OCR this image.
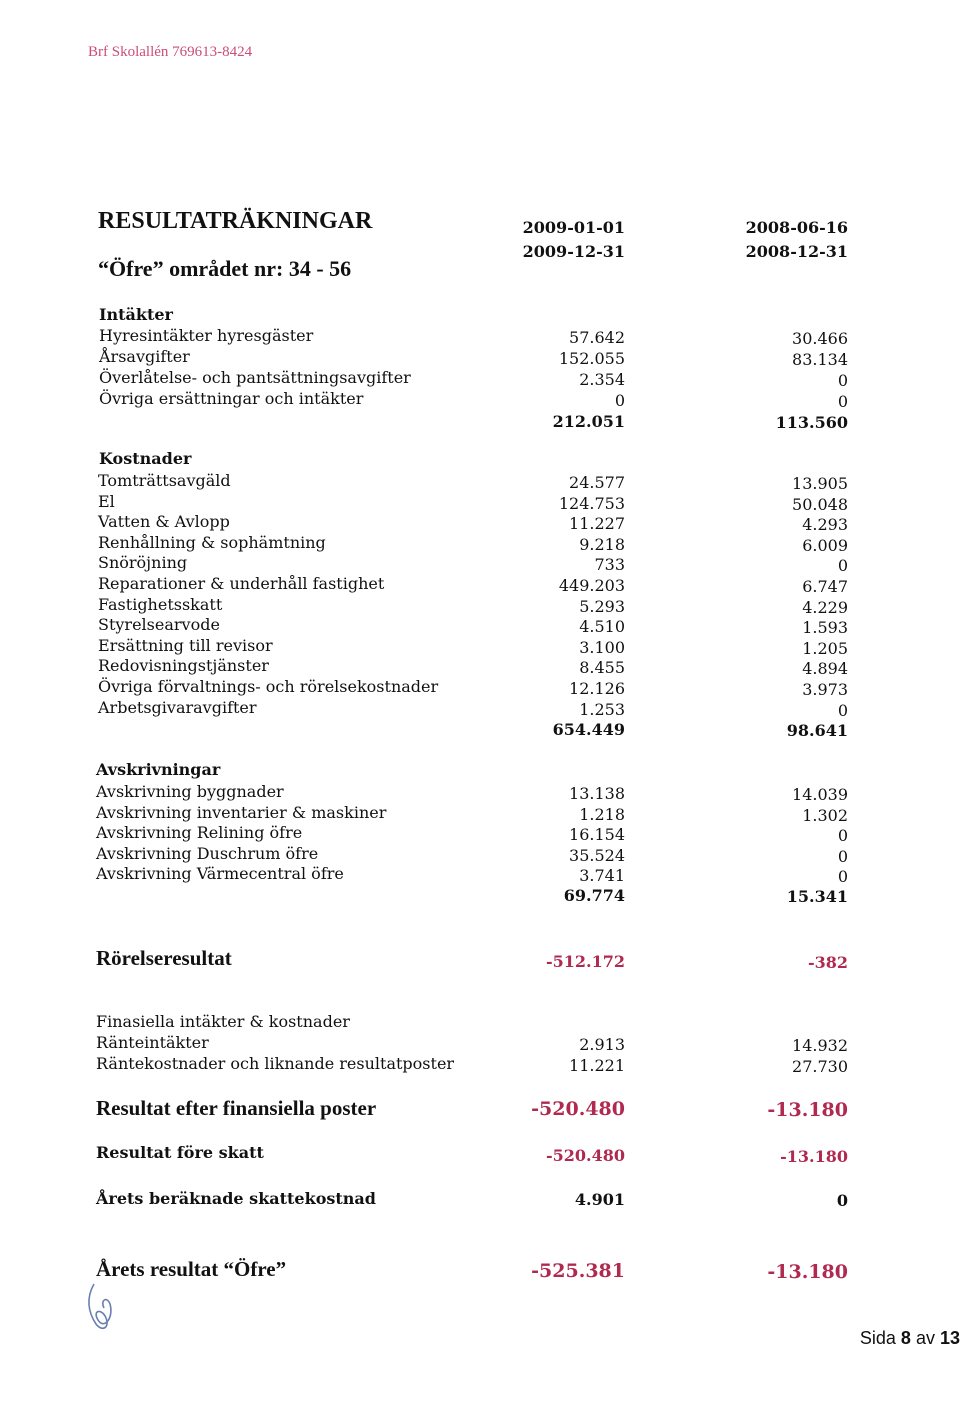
Brf Skolallén 769613-8424
RESULTATRÄKNINGAR
“Öfre” området nr: 34 - 56
2009-01-01
2009-12-31
2008-06-16
2008-12-31
Intäkter
Hyresintäkter hyresgäster	57.642	30.466
Årsavgifter	152.055	83.134
Överlåtelse- och pantsättningsavgifter	2.354	0
Övriga ersättningar och intäkter	0	0
212.051	113.560
Kostnader
Tomträttsavgäld	24.577	13.905
El	124.753	50.048
Vatten & Avlopp	11.227	4.293
Renhållning & sophämtning	9.218	6.009
Snöröjning	733	0
Reparationer & underhåll fastighet	449.203	6.747
Fastighetsskatt	5.293	4.229
Styrelsearvode	4.510	1.593
Ersättning till revisor	3.100	1.205
Redovisningstjänster	8.455	4.894
Övriga förvaltnings- och rörelsekostnader	12.126	3.973
Arbetsgivaravgifter	1.253	0
654.449	98.641
Avskrivningar
Avskrivning byggnader	13.138	14.039
Avskrivning inventarier & maskiner	1.218	1.302
Avskrivning Relining öfre	16.154	0
Avskrivning Duschrum öfre	35.524	0
Avskrivning Värmecentral öfre	3.741	0
69.774	15.341
Rörelseresultat	-512.172	-382
Finasiella intäkter & kostnader
Ränteintäkter	2.913	14.932
Räntekostnader och liknande resultatposter	11.221	27.730
Resultat efter finansiella poster	-520.480	-13.180
Resultat före skatt	-520.480	-13.180
Årets beräknade skattekostnad	4.901	0
Årets resultat “Öfre”	-525.381	-13.180
Sida 8 av 13
